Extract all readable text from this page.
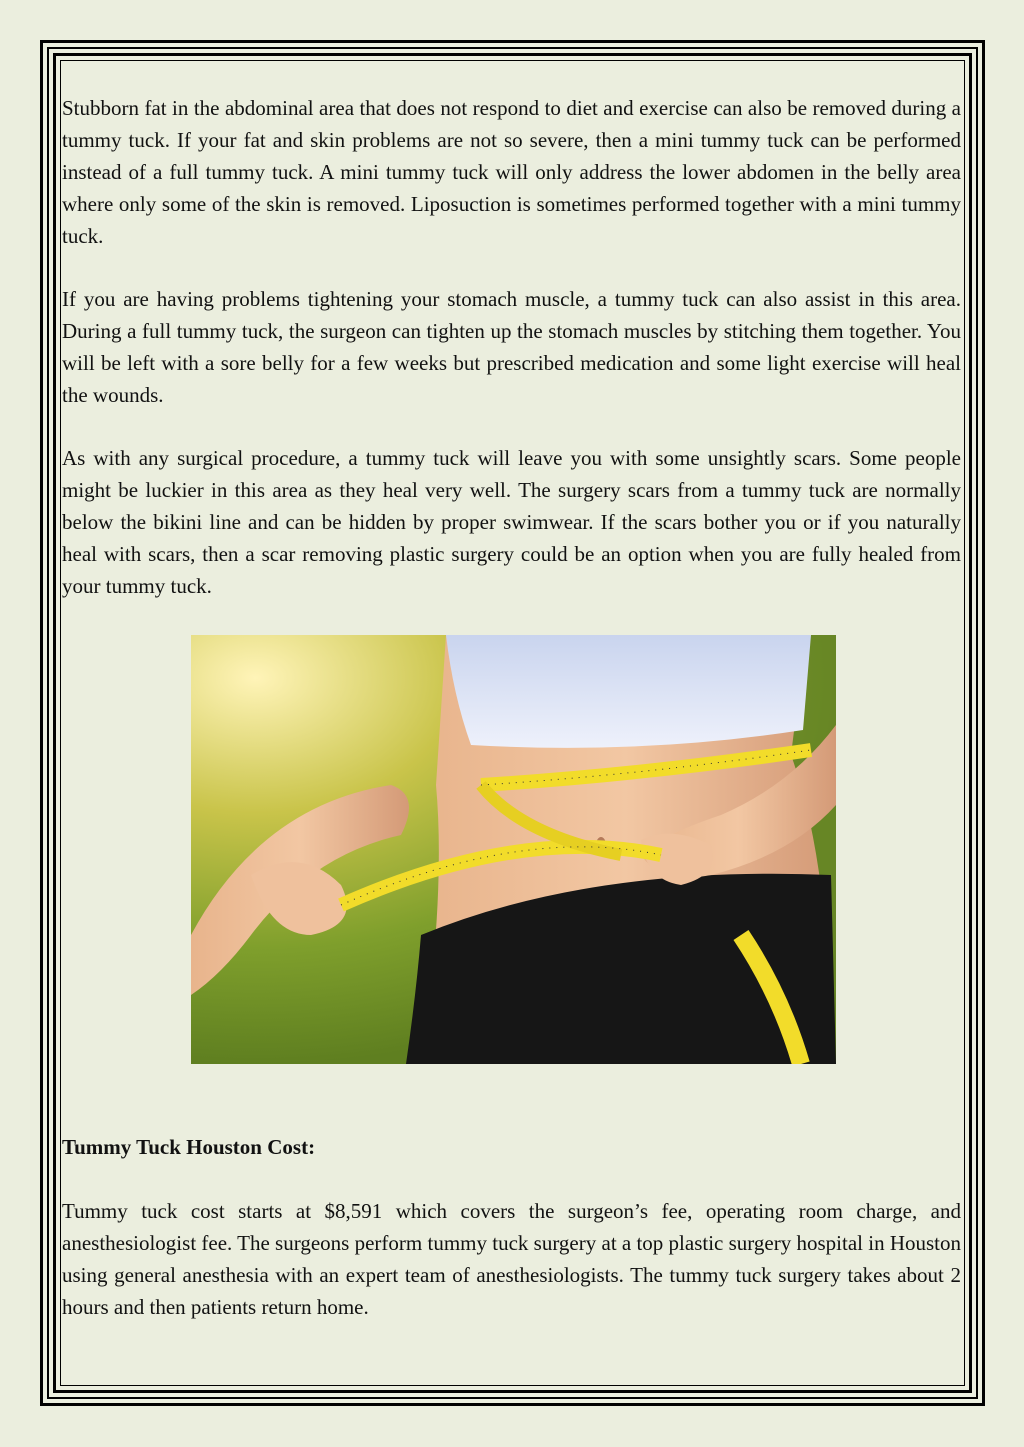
Stubborn fat in the abdominal area that does not respond to diet and exercise can also be removed during a tummy tuck. If your fat and skin problems are not so severe, then a mini tummy tuck can be performed instead of a full tummy tuck. A mini tummy tuck will only address the lower abdomen in the belly area where only some of the skin is removed. Liposuction is sometimes performed together with a mini tummy tuck.

If you are having problems tightening your stomach muscle, a tummy tuck can also assist in this area. During a full tummy tuck, the surgeon can tighten up the stomach muscles by stitching them together. You will be left with a sore belly for a few weeks but prescribed medication and some light exercise will heal the wounds.

As with any surgical procedure, a tummy tuck will leave you with some unsightly scars. Some people might be luckier in this area as they heal very well. The surgery scars from a tummy tuck are normally below the bikini line and can be hidden by proper swimwear. If the scars bother you or if you naturally heal with scars, then a scar removing plastic surgery could be an option when you are fully healed from your tummy tuck.

Tummy Tuck Houston Cost:

Tummy tuck cost starts at $8,591 which covers the surgeon’s fee, operating room charge, and anesthesiologist fee. The surgeons perform tummy tuck surgery at a top plastic surgery hospital in Houston using general anesthesia with an expert team of anesthesiologists. The tummy tuck surgery takes about 2 hours and then patients return home.
